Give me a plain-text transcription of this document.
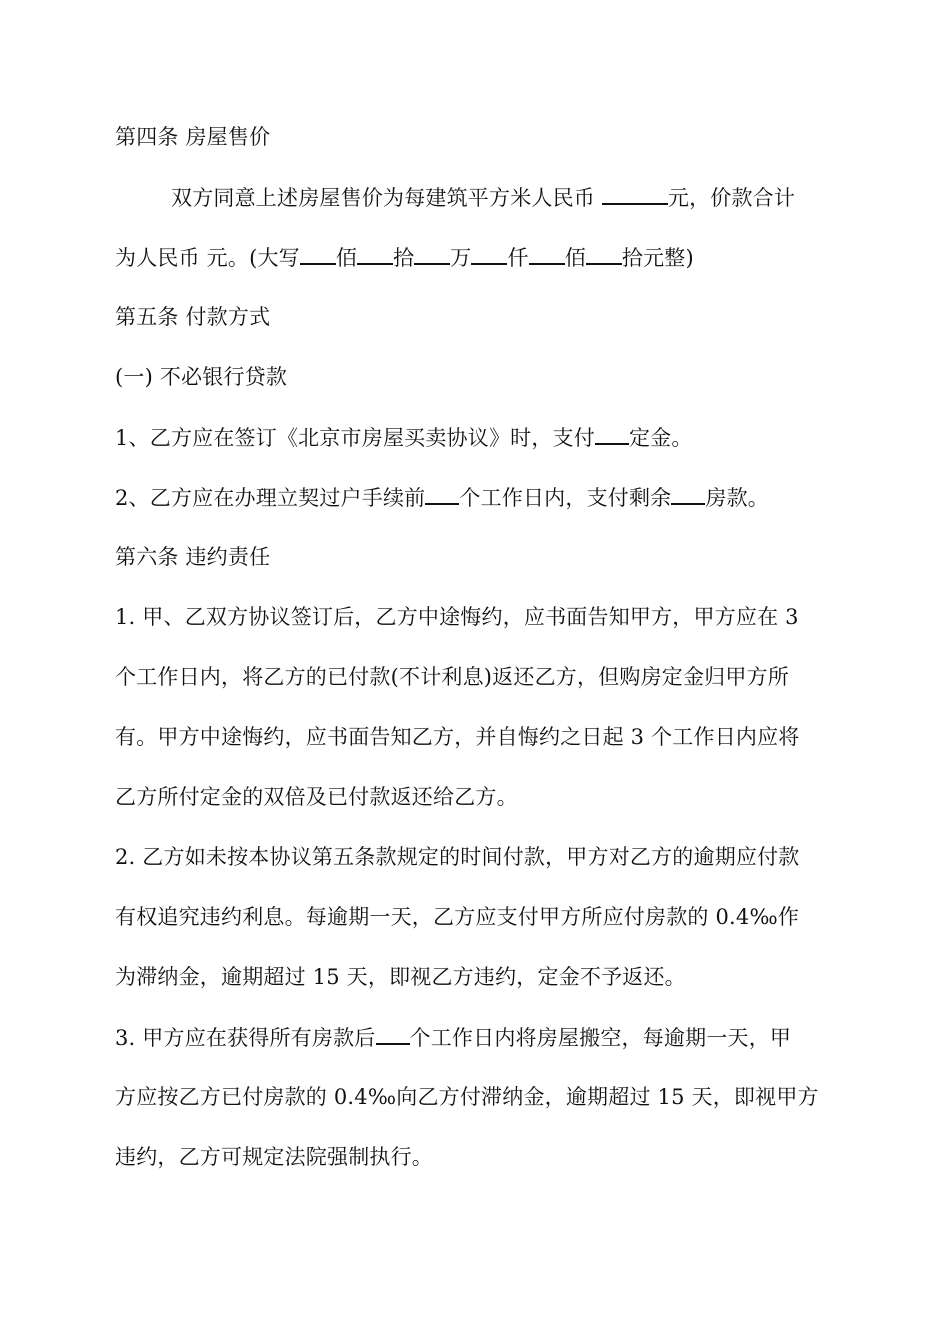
第四条 房屋售价
双方同意上述房屋售价为每建筑平方米人民币	元，价款合计
为人民币 元。(大写 佰 拾 万 仟 佰 拾元整)
第五条 付款方式
(一) 不必银行贷款
1、乙方应在签订《北京市房屋买卖协议》时，支付 定金。
2、乙方应在办理立契过户手续前 个工作日内，支付剩余 房款。
第六条 违约责任
1. 甲、乙双方协议签订后，乙方中途悔约，应书面告知甲方，甲方应在 3
个工作日内，将乙方的已付款(不计利息)返还乙方，但购房定金归甲方所
有。甲方中途悔约，应书面告知乙方，并自悔约之日起 3 个工作日内应将
乙方所付定金的双倍及已付款返还给乙方。
2. 乙方如未按本协议第五条款规定的时间付款，甲方对乙方的逾期应付款
有权追究违约利息。每逾期一天，乙方应支付甲方所应付房款的 0.4‰作
为滞纳金，逾期超过 15 天，即视乙方违约，定金不予返还。
3. 甲方应在获得所有房款后 个工作日内将房屋搬空，每逾期一天，甲
方应按乙方已付房款的 0.4‰向乙方付滞纳金，逾期超过 15 天，即视甲方
违约，乙方可规定法院强制执行。
